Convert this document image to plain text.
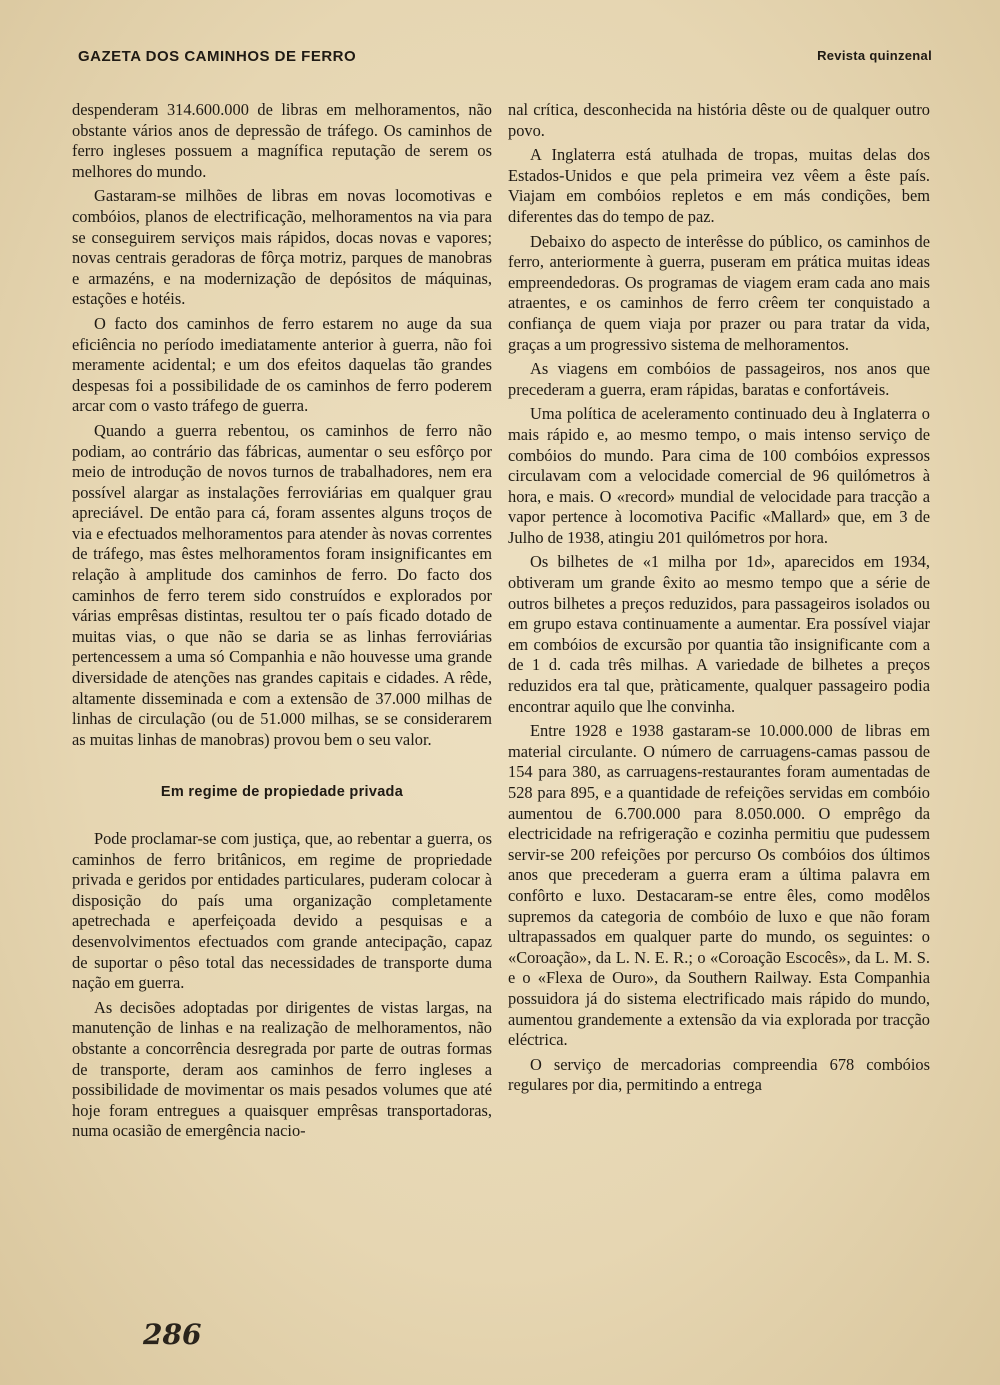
GAZETA DOS CAMINHOS DE FERRO	Revista quinzenal

despenderam 314.600.000 de libras em melhoramentos, não obstante vários anos de depressão de tráfego. Os caminhos de ferro ingleses possuem a magnífica reputação de serem os melhores do mundo.

Gastaram-se milhões de libras em novas locomotivas e combóios, planos de electrificação, melhoramentos na via para se conseguirem serviços mais rápidos, docas novas e vapores; novas centrais geradoras de fôrça motriz, parques de manobras e armazéns, e na modernização de depósitos de máquinas, estações e hotéis.

O facto dos caminhos de ferro estarem no auge da sua eficiência no período imediatamente anterior à guerra, não foi meramente acidental; e um dos efeitos daquelas tão grandes despesas foi a possibilidade de os caminhos de ferro poderem arcar com o vasto tráfego de guerra.

Quando a guerra rebentou, os caminhos de ferro não podiam, ao contrário das fábricas, aumentar o seu esfôrço por meio de introdução de novos turnos de trabalhadores, nem era possível alargar as instalações ferroviárias em qualquer grau apreciável. De então para cá, foram assentes alguns troços de via e efectuados melhoramentos para atender às novas correntes de tráfego, mas êstes melhoramentos foram insignificantes em relação à amplitude dos caminhos de ferro. Do facto dos caminhos de ferro terem sido construídos e explorados por várias emprêsas distintas, resultou ter o país ficado dotado de muitas vias, o que não se daria se as linhas ferroviárias pertencessem a uma só Companhia e não houvesse uma grande diversidade de atenções nas grandes capitais e cidades. A rêde, altamente disseminada e com a extensão de 37.000 milhas de linhas de circulação (ou de 51.000 milhas, se se considerarem as muitas linhas de manobras) provou bem o seu valor.

Em regime de propiedade privada

Pode proclamar-se com justiça, que, ao rebentar a guerra, os caminhos de ferro britânicos, em regime de propriedade privada e geridos por entidades particulares, puderam colocar à disposição do país uma organização completamente apetrechada e aperfeiçoada devido a pesquisas e a desenvolvimentos efectuados com grande antecipação, capaz de suportar o pêso total das necessidades de transporte duma nação em guerra.

As decisões adoptadas por dirigentes de vistas largas, na manutenção de linhas e na realização de melhoramentos, não obstante a concorrência desregrada por parte de outras formas de transporte, deram aos caminhos de ferro ingleses a possibilidade de movimentar os mais pesados volumes que até hoje foram entregues a quaisquer emprêsas transportadoras, numa ocasião de emergência nacio-

nal crítica, desconhecida na história dêste ou de qualquer outro povo.

A Inglaterra está atulhada de tropas, muitas delas dos Estados-Unidos e que pela primeira vez vêem a êste país. Viajam em combóios repletos e em más condições, bem diferentes das do tempo de paz.

Debaixo do aspecto de interêsse do público, os caminhos de ferro, anteriormente à guerra, puseram em prática muitas ideas empreendedoras. Os programas de viagem eram cada ano mais atraentes, e os caminhos de ferro crêem ter conquistado a confiança de quem viaja por prazer ou para tratar da vida, graças a um progressivo sistema de melhoramentos.

As viagens em combóios de passageiros, nos anos que precederam a guerra, eram rápidas, baratas e confortáveis.

Uma política de aceleramento continuado deu à Inglaterra o mais rápido e, ao mesmo tempo, o mais intenso serviço de combóios do mundo. Para cima de 100 combóios expressos circulavam com a velocidade comercial de 96 quilómetros à hora, e mais. O «record» mundial de velocidade para tracção a vapor pertence à locomotiva Pacific «Mallard» que, em 3 de Julho de 1938, atingiu 201 quilómetros por hora.

Os bilhetes de «1 milha por 1d», aparecidos em 1934, obtiveram um grande êxito ao mesmo tempo que a série de outros bilhetes a preços reduzidos, para passageiros isolados ou em grupo estava continuamente a aumentar. Era possível viajar em combóios de excursão por quantia tão insignificante com a de 1 d. cada três milhas. A variedade de bilhetes a preços reduzidos era tal que, pràticamente, qualquer passageiro podia encontrar aquilo que lhe convinha.

Entre 1928 e 1938 gastaram-se 10.000.000 de libras em material circulante. O número de carruagens-camas passou de 154 para 380, as carruagens-restaurantes foram aumentadas de 528 para 895, e a quantidade de refeições servidas em combóio aumentou de 6.700.000 para 8.050.000. O emprêgo da electricidade na refrigeração e cozinha permitiu que pudessem servir-se 200 refeições por percurso Os combóios dos últimos anos que precederam a guerra eram a última palavra em confôrto e luxo. Destacaram-se entre êles, como modêlos supremos da categoria de combóio de luxo e que não foram ultrapassados em qualquer parte do mundo, os seguintes: o «Coroação», da L. N. E. R.; o «Coroação Escocês», da L. M. S. e o «Flexa de Ouro», da Southern Railway. Esta Companhia possuidora já do sistema electrificado mais rápido do mundo, aumentou grandemente a extensão da via explorada por tracção eléctrica.

O serviço de mercadorias compreendia 678 combóios regulares por dia, permitindo a entrega

286
